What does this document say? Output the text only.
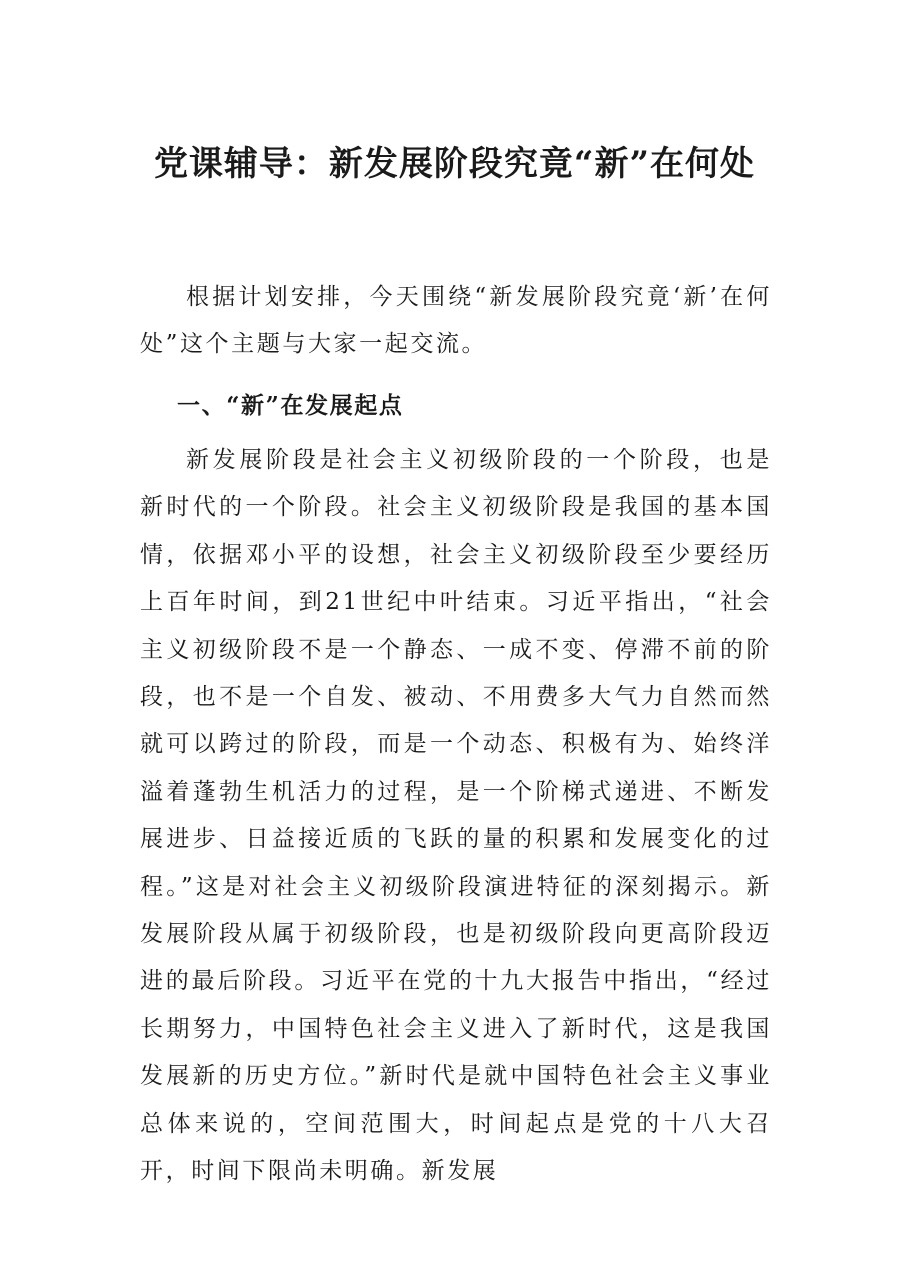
党课辅导：新发展阶段究竟“新”在何处
根据计划安排，今天围绕“新发展阶段究竟‘新’在何处”这个主题与大家一起交流。
一、“新”在发展起点
新发展阶段是社会主义初级阶段的一个阶段，也是新时代的一个阶段。社会主义初级阶段是我国的基本国情，依据邓小平的设想，社会主义初级阶段至少要经历上百年时间，到21世纪中叶结束。习近平指出，“社会主义初级阶段不是一个静态、一成不变、停滞不前的阶段，也不是一个自发、被动、不用费多大气力自然而然就可以跨过的阶段，而是一个动态、积极有为、始终洋溢着蓬勃生机活力的过程，是一个阶梯式递进、不断发展进步、日益接近质的飞跃的量的积累和发展变化的过程。”这是对社会主义初级阶段演进特征的深刻揭示。新发展阶段从属于初级阶段，也是初级阶段向更高阶段迈进的最后阶段。习近平在党的十九大报告中指出，“经过长期努力，中国特色社会主义进入了新时代，这是我国发展新的历史方位。”新时代是就中国特色社会主义事业总体来说的，空间范围大，时间起点是党的十八大召开，时间下限尚未明确。新发展
